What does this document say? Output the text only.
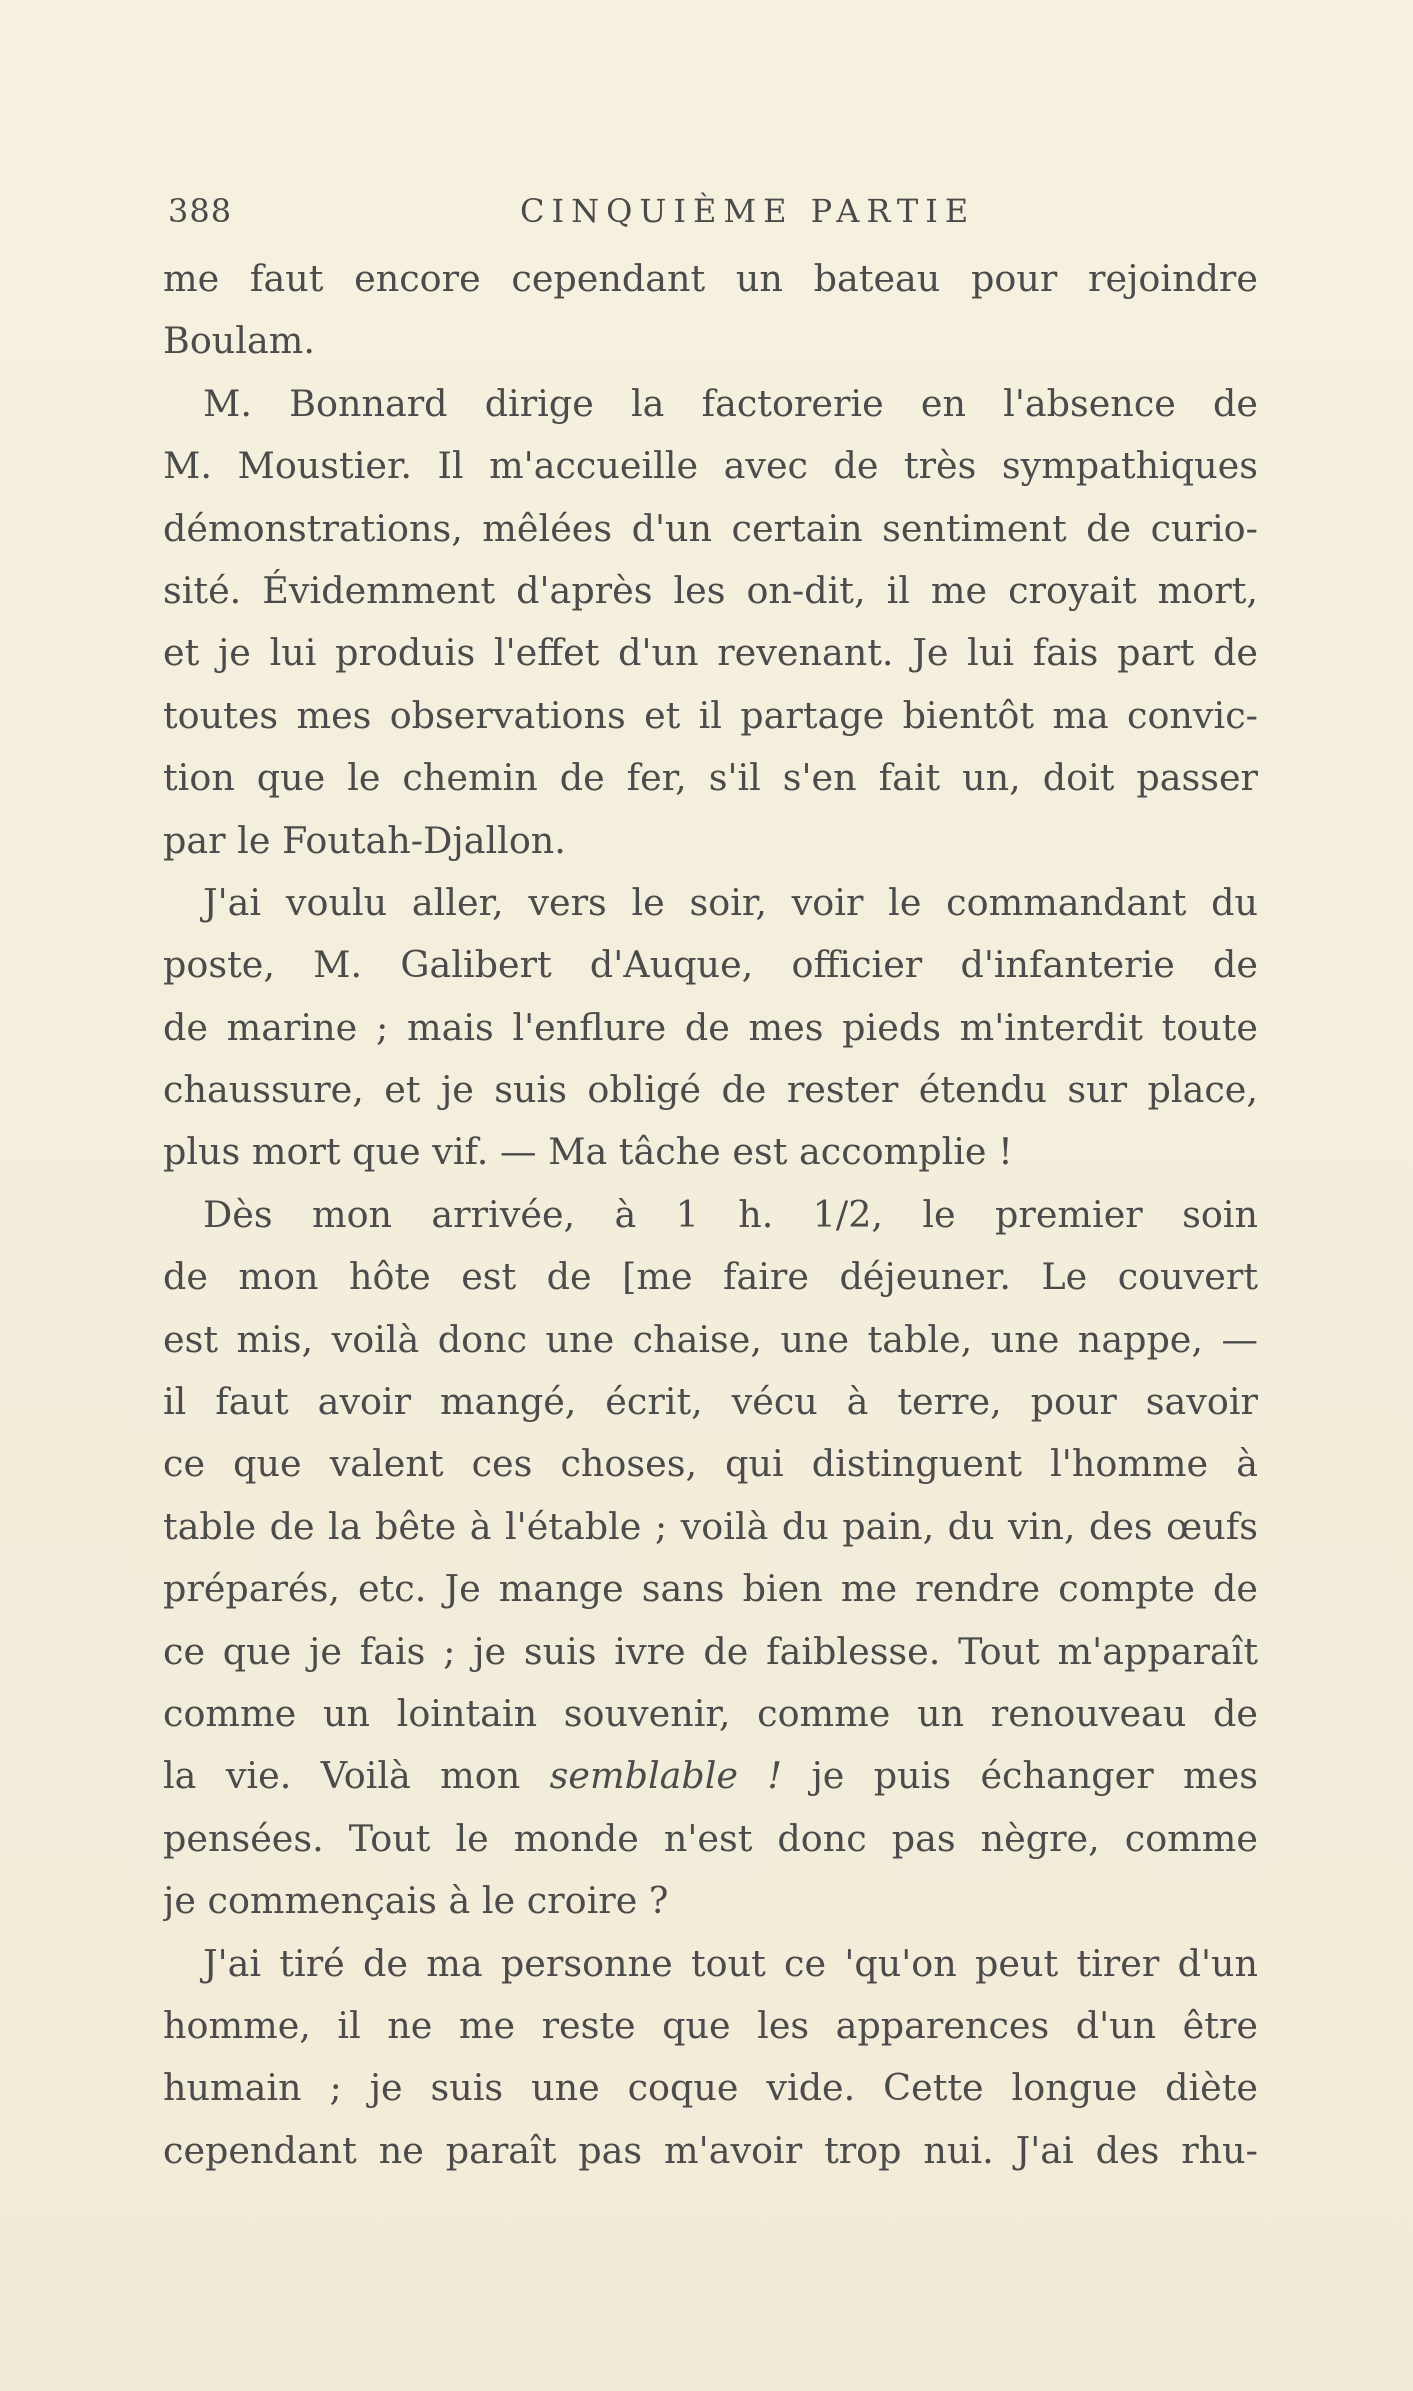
388	CINQUIÈME PARTIE
me faut encore cependant un bateau pour rejoindre
Boulam.
M. Bonnard dirige la factorerie en l'absence de
M. Moustier. Il m'accueille avec de très sympathiques
démonstrations, mêlées d'un certain sentiment de curio-
sité. Évidemment d'après les on-dit, il me croyait mort,
et je lui produis l'effet d'un revenant. Je lui fais part de
toutes mes observations et il partage bientôt ma convic-
tion que le chemin de fer, s'il s'en fait un, doit passer
par le Foutah-Djallon.
J'ai voulu aller, vers le soir, voir le commandant du
poste, M. Galibert d'Auque, officier d'infanterie de
de marine ; mais l'enflure de mes pieds m'interdit toute
chaussure, et je suis obligé de rester étendu sur place,
plus mort que vif. — Ma tâche est accomplie !
Dès mon arrivée, à 1 h. 1/2, le premier soin
de mon hôte est de [me faire déjeuner. Le couvert
est mis, voilà donc une chaise, une table, une nappe, —
il faut avoir mangé, écrit, vécu à terre, pour savoir
ce que valent ces choses, qui distinguent l'homme à
table de la bête à l'étable ; voilà du pain, du vin, des œufs
préparés, etc. Je mange sans bien me rendre compte de
ce que je fais ; je suis ivre de faiblesse. Tout m'apparaît
comme un lointain souvenir, comme un renouveau de
la vie. Voilà mon semblable ! je puis échanger mes
pensées. Tout le monde n'est donc pas nègre, comme
je commençais à le croire ?
J'ai tiré de ma personne tout ce 'qu'on peut tirer d'un
homme, il ne me reste que les apparences d'un être
humain ; je suis une coque vide. Cette longue diète
cependant ne paraît pas m'avoir trop nui. J'ai des rhu-
